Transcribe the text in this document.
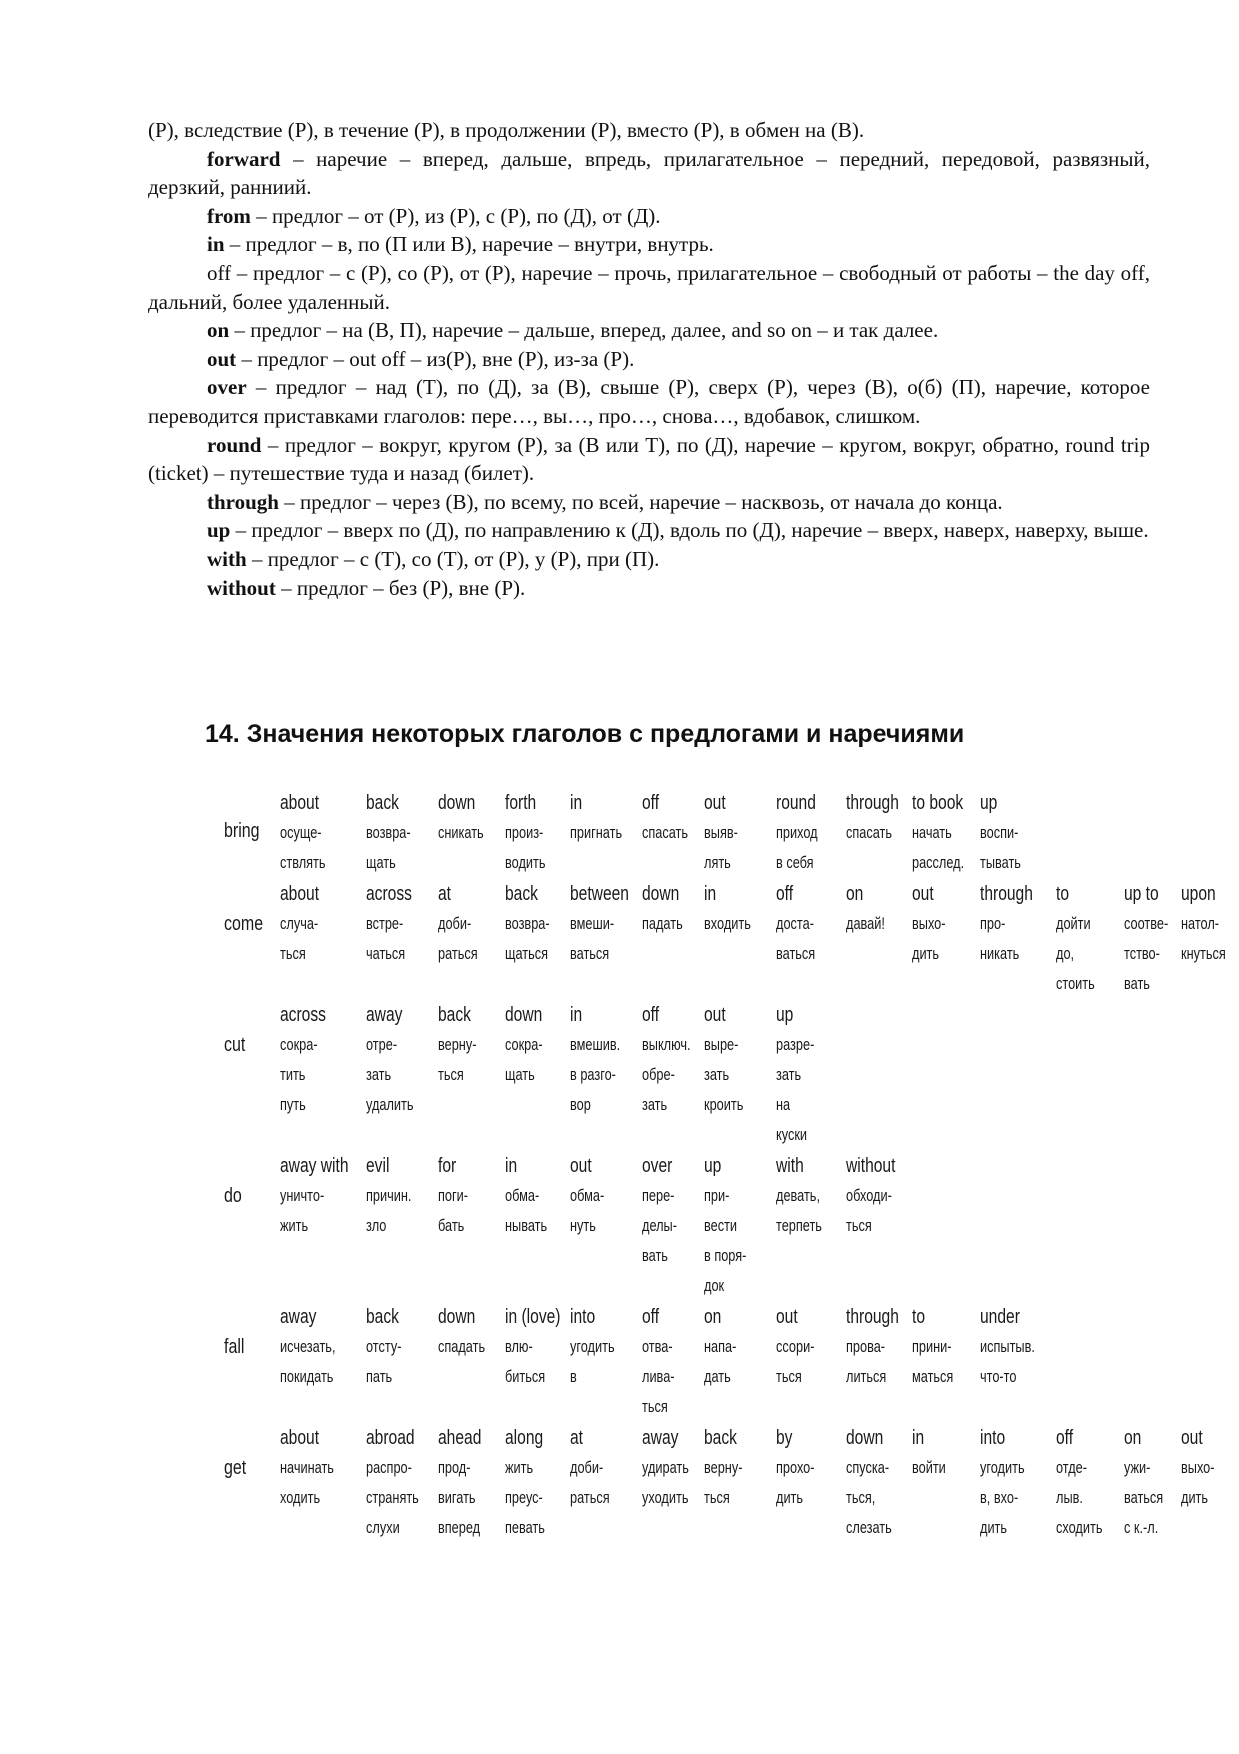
(Р), вследствие (Р), в течение (Р), в продолжении (Р), вместо (Р), в обмен на (В).

forward – наречие – вперед, дальше, впредь, прилагательное – передний, передовой, развязный, дерзкий, ранниий.

from – предлог – от (Р), из (Р), с (Р), по (Д), от (Д).

in – предлог – в, по (П или В), наречие – внутри, внутрь.

off – предлог – с (Р), со (Р), от (Р), наречие – прочь, прилагательное – свободный от работы – the day off, дальний, более удаленный.

on – предлог – на (В, П), наречие – дальше, вперед, далее, and so on – и так далее.

out – предлог – out off – из(Р), вне (Р), из-за (Р).

over – предлог – над (Т), по (Д), за (В), свыше (Р), сверх (Р), через (В), о(б) (П), наречие, которое переводится приставками глаголов: пере…, вы…, про…, снова…, вдобавок, слишком.

round – предлог – вокруг, кругом (Р), за (В или Т), по (Д), наречие – кругом, вокруг, обратно, round trip (ticket) – путешествие туда и назад (билет).

through – предлог – через (В), по всему, по всей, наречие – насквозь, от начала до конца.

up – предлог – вверх по (Д), по направлению к (Д), вдоль по (Д), наречие – вверх, наверх, наверху, выше.

with – предлог – с (Т), со (Т), от (Р), у (Р), при (П).

without – предлог – без (Р), вне (Р).

14. Значения некоторых глаголов с предлогами и наречиями
bring
about
осуще-
ствлять
back
возвра-
щать
down
сникать
forth
произ-
водить
in
пригнать
off
спасать
out
выяв-
лять
round
приход
в себя
through
спасать
to book
начать
расслед.
up
воспи-
тывать
come
about
случа-
ться
across
встре-
чаться
at
доби-
раться
back
возвра-
щаться
between
вмеши-
ваться
down
падать
in
входить
off
доста-
ваться
on
давай!
out
выхо-
дить
through
про-
никать
to
дойти
до,
стоить
up to
соотве-
тство-
вать
upon
натол-
кнуться
cut
across
сокра-
тить
путь
away
отре-
зать
удалить
back
верну-
ться
down
сокра-
щать
in
вмешив.
в разго-
вор
off
выключ.
обре-
зать
out
выре-
зать
кроить
up
разре-
зать
на
куски
do
away with
уничто-
жить
evil
причин.
зло
for
поги-
бать
in
обма-
нывать
out
обма-
нуть
over
пере-
делы-
вать
up
при-
вести
в поря-
док
with
девать,
терпеть
without
обходи-
ться
fall
away
исчезать,
покидать
back
отсту-
пать
down
спадать
in (love)
влю-
биться
into
угодить
в
off
отва-
лива-
ться
on
напа-
дать
out
ссори-
ться
through
прова-
литься
to
прини-
маться
under
испытыв.
что-то
get
about
начинать
ходить
abroad
распро-
странять
слухи
ahead
прод-
вигать
вперед
along
жить
преус-
певать
at
доби-
раться
away
удирать
уходить
back
верну-
ться
by
прохо-
дить
down
спуска-
ться,
слезать
in
войти
into
угодить
в, вхо-
дить
off
отде-
лыв.
сходить
on
ужи-
ваться
с к.-л.
out
выхо-
дить
